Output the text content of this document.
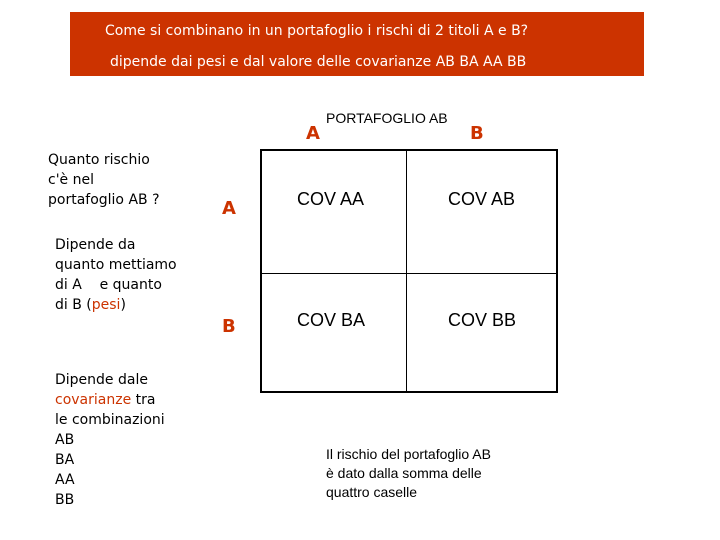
Come si combinano in un portafoglio i rischi di 2 titoli A e B?
dipende dai pesi e dal valore delle covarianze AB BA AA BB
Quanto rischio
c'è nel
portafoglio AB ?
Dipende da
quanto mettiamo
di A    e quanto
di B (pesi)
Dipende dale
covarianze tra
le combinazioni
AB
BA
AA
BB
PORTAFOGLIO AB
A	B
A
B
COV AA	COV AB
COV BA	COV BB
Il rischio del portafoglio AB
è dato dalla somma delle
quattro caselle
